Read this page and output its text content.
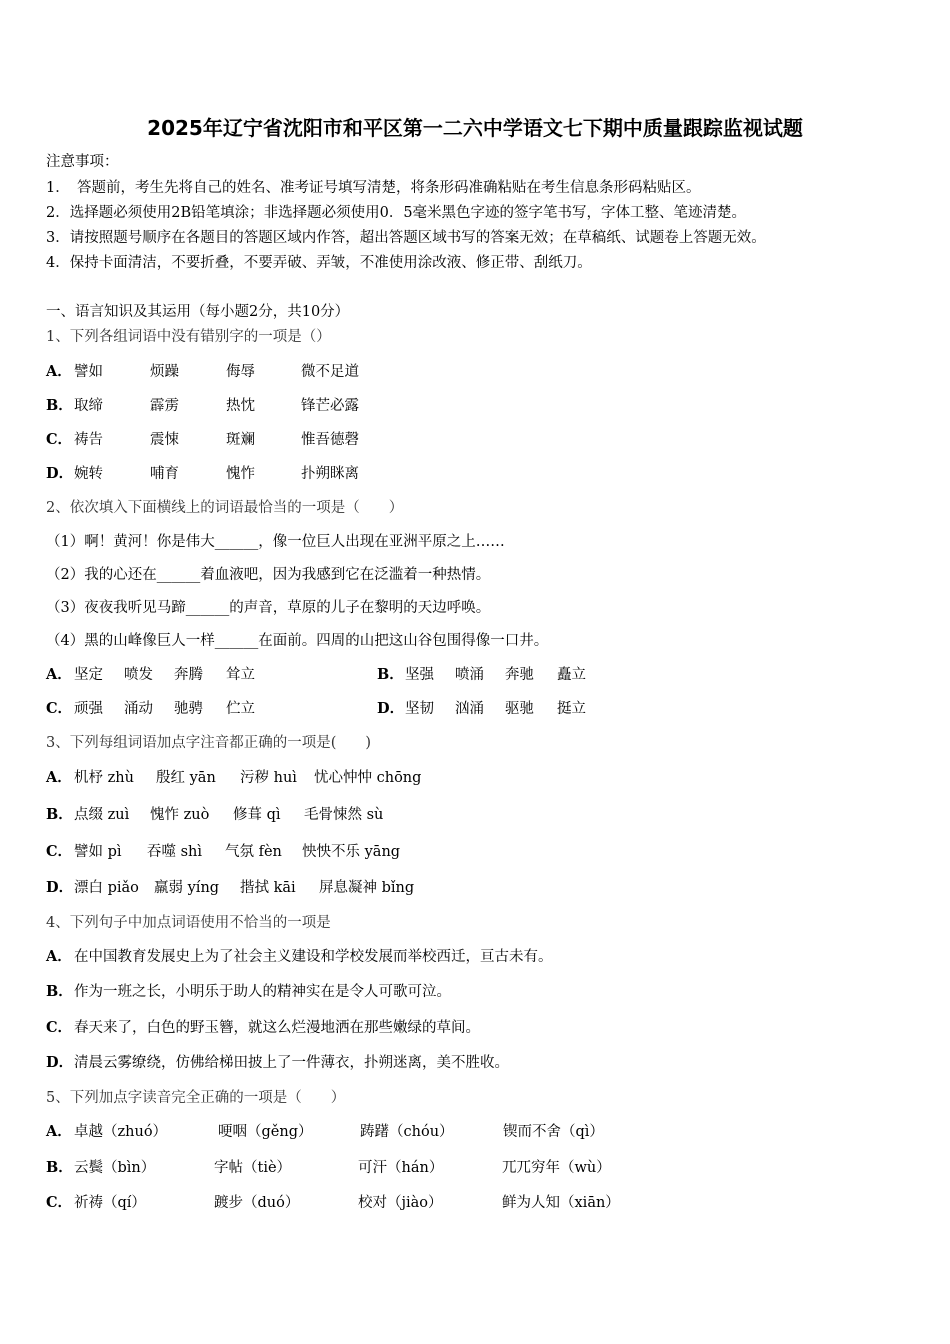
2025年辽宁省沈阳市和平区第一二六中学语文七下期中质量跟踪监视试题
注意事项：
1．　答题前，考生先将自己的姓名、准考证号填写清楚，将条形码准确粘贴在考生信息条形码粘贴区。
2．选择题必须使用2B铅笔填涂；非选择题必须使用0．5毫米黑色字迹的签字笔书写，字体工整、笔迹清楚。
3．请按照题号顺序在各题目的答题区域内作答，超出答题区域书写的答案无效；在草稿纸、试题卷上答题无效。
4．保持卡面清洁，不要折叠，不要弄破、弄皱，不准使用涂改液、修正带、刮纸刀。
一、语言知识及其运用（每小题2分，共10分）
1、下列各组词语中没有错别字的一项是（）
A． 譬如	烦躁	侮辱	微不足道
B． 取缔	霹雳	热忱	锋芒必露
C． 祷告	震悚	斑斓	惟吾德磬
D． 婉转	哺育	愧怍	扑朔眯离
2、依次填入下面横线上的词语最恰当的一项是（　　）
（1）啊！黄河！你是伟大______，像一位巨人出现在亚洲平原之上……
（2）我的心还在______着血液吧，因为我感到它在泛滥着一种热情。
（3）夜夜我听见马蹄______的声音，草原的儿子在黎明的天边呼唤。
（4）黑的山峰像巨人一样______在面前。四周的山把这山谷包围得像一口井。
A． 坚定 喷发 奔腾 耸立	B． 坚强 喷涌 奔驰 矗立
C． 顽强 涌动 驰骋 伫立	D． 坚韧 汹涌 驱驰 挺立
3、下列每组词语加点字注音都正确的一项是(　　)
A． 机杼 zhù 殷红 yān 污秽 huì 忧心忡忡 chōng
B． 点缀 zuì 愧怍 zuò 修葺 qì 毛骨悚然 sù
C． 譬如 pì 吞噬 shì 气氛 fèn 怏怏不乐 yāng
D． 漂白 piǎo 羸弱 yíng 揩拭 kāi 屏息凝神 bǐng
4、下列句子中加点词语使用不恰当的一项是
A． 在中国教育发展史上为了社会主义建设和学校发展而举校西迁，亘古未有。
B． 作为一班之长，小明乐于助人的精神实在是令人可歌可泣。
C． 春天来了，白色的野玉簪，就这么烂漫地洒在那些嫩绿的草间。
D． 清晨云雾缭绕，仿佛给梯田披上了一件薄衣，扑朔迷离，美不胜收。
5、下列加点字读音完全正确的一项是（　　）
A． 卓越（zhuó）	哽咽（gěng）	踌躇（chóu）	锲而不舍（qì）
B． 云鬓（bìn）	字帖（tiè）	可汗（hán）	兀兀穷年（wù）
C． 祈祷（qí）	踱步（duó）	校对（jiào）	鲜为人知（xiān）
